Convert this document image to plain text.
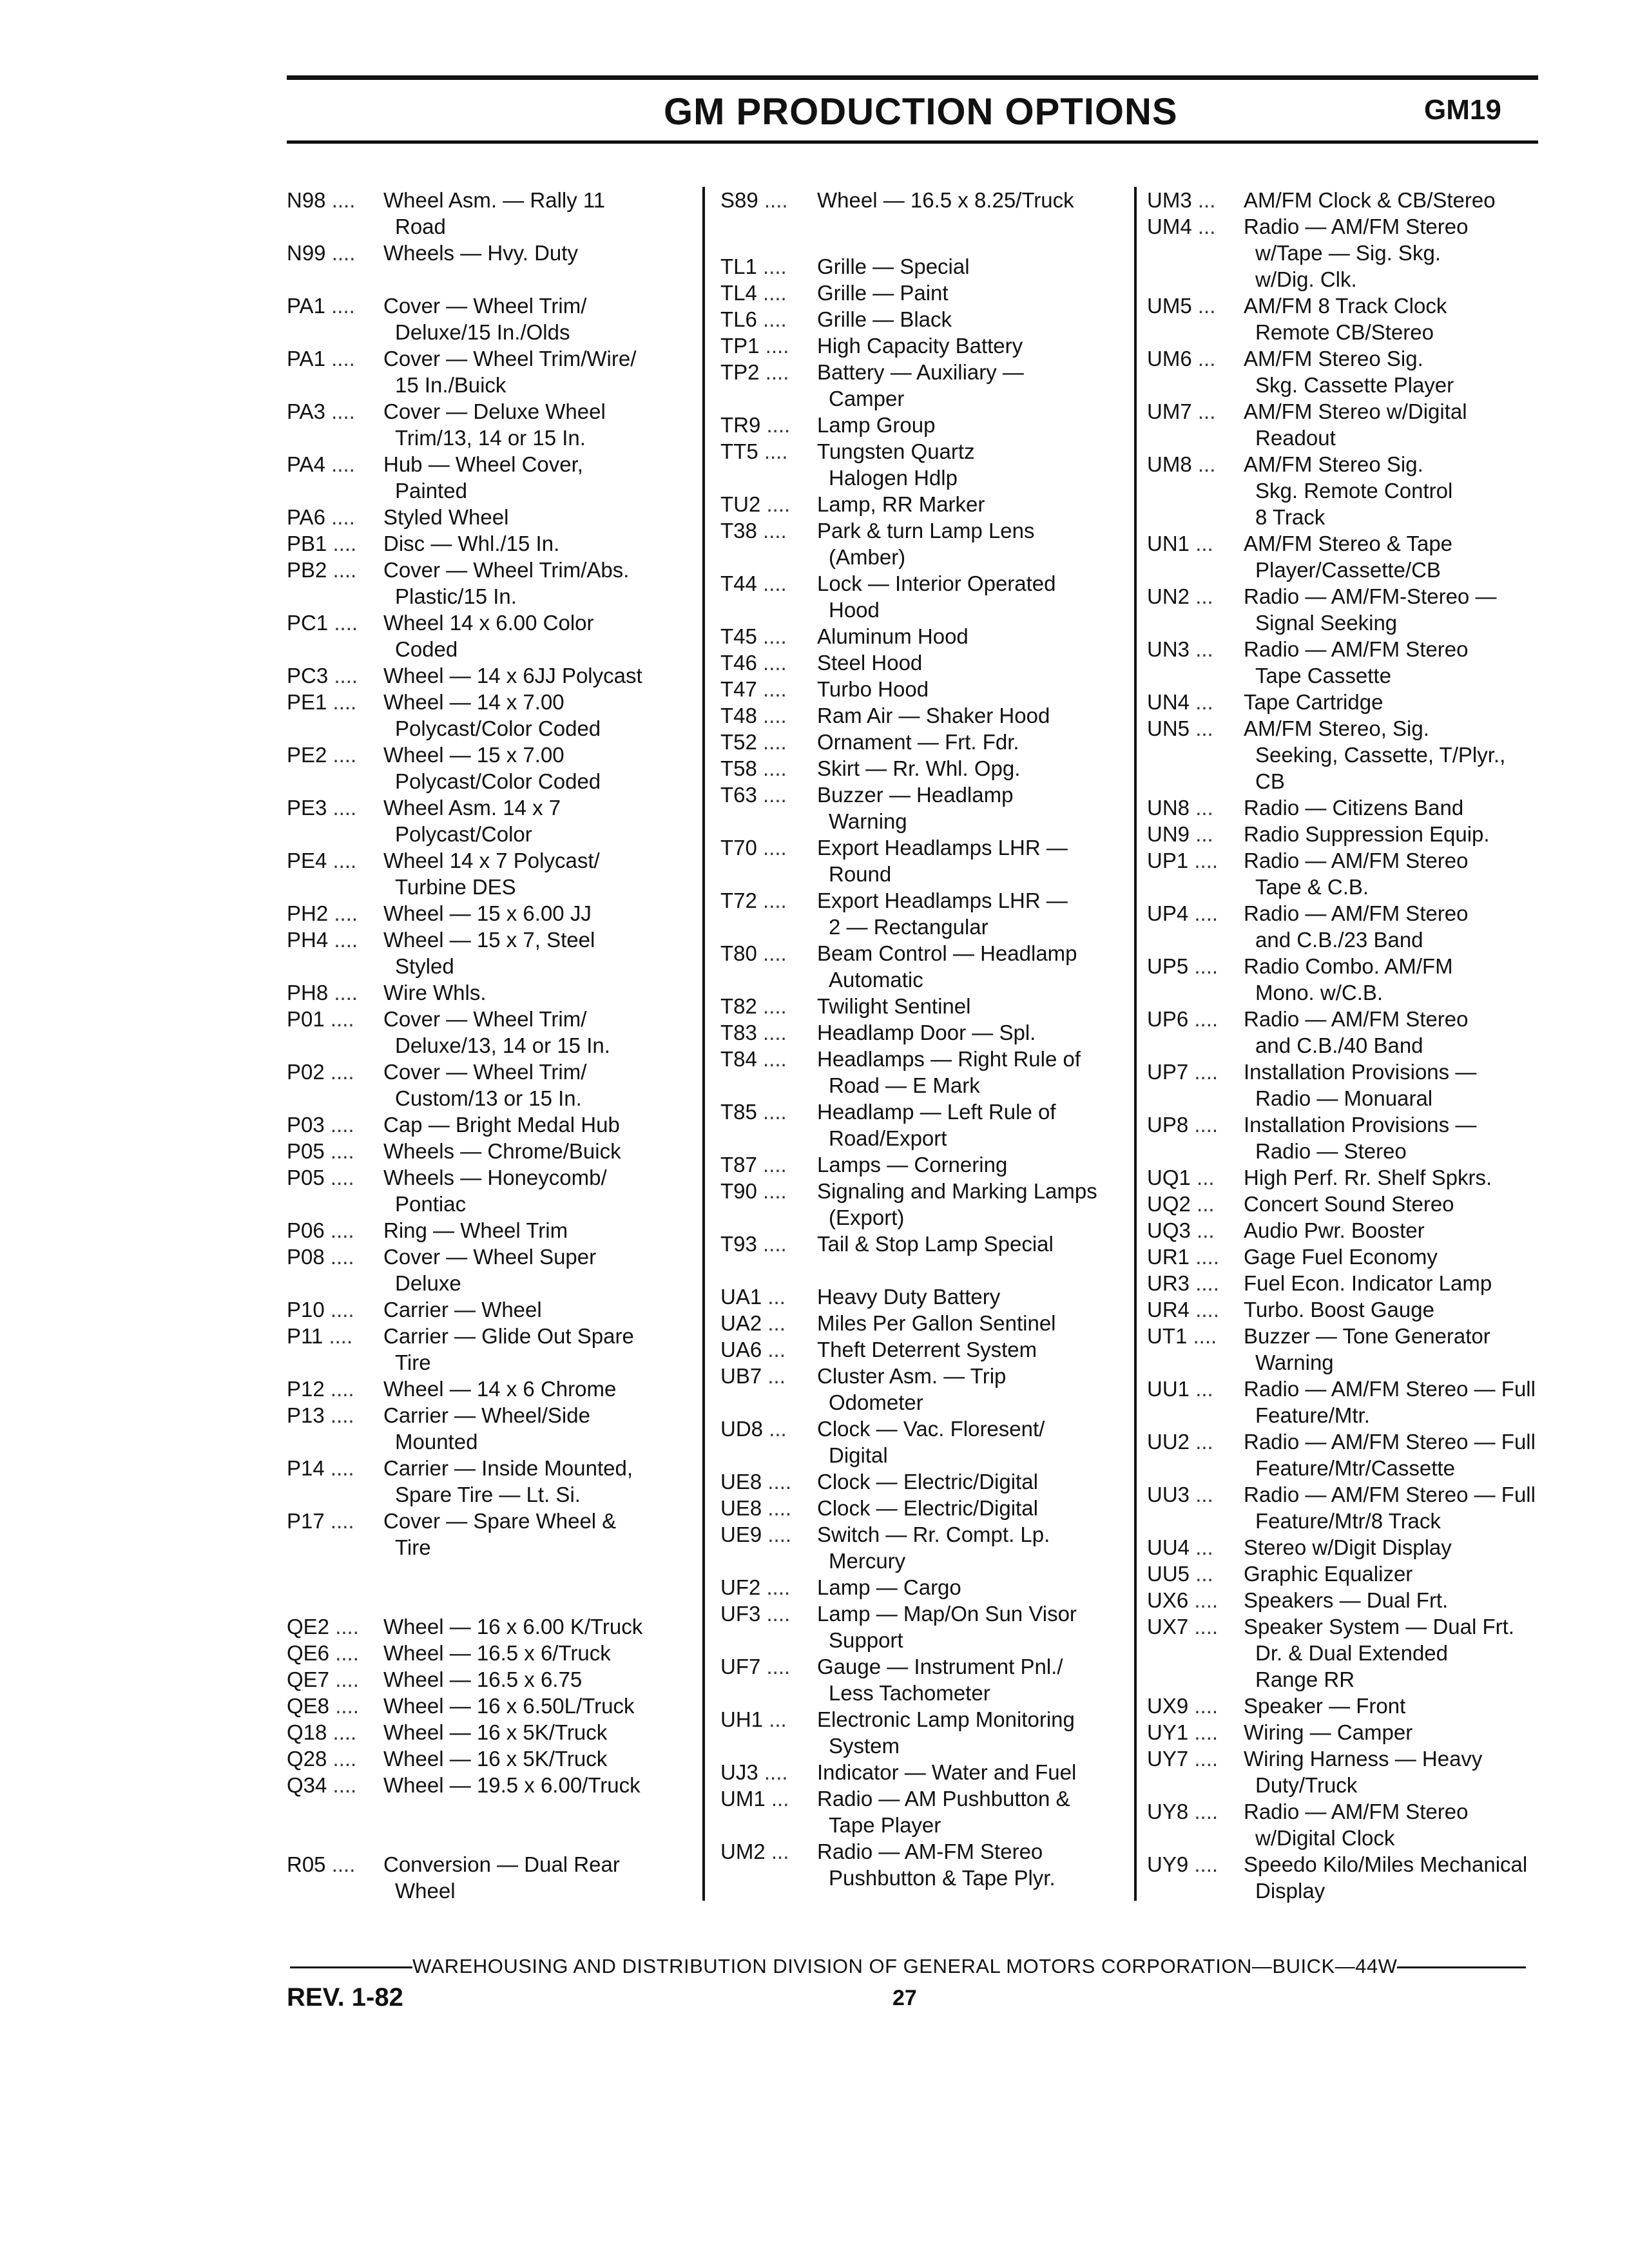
GM PRODUCTION OPTIONS	GM19
N98 ....	Wheel Asm. — Rally 11
Road
N99 ....	Wheels — Hvy. Duty
PA1 ....	Cover — Wheel Trim/
Deluxe/15 In./Olds
PA1 ....	Cover — Wheel Trim/Wire/
15 In./Buick
PA3 ....	Cover — Deluxe Wheel
Trim/13, 14 or 15 In.
PA4 ....	Hub — Wheel Cover,
Painted
PA6 ....	Styled Wheel
PB1 ....	Disc — Whl./15 In.
PB2 ....	Cover — Wheel Trim/Abs.
Plastic/15 In.
PC1 ....	Wheel 14 x 6.00 Color
Coded
PC3 ....	Wheel — 14 x 6JJ Polycast
PE1 ....	Wheel — 14 x 7.00
Polycast/Color Coded
PE2 ....	Wheel — 15 x 7.00
Polycast/Color Coded
PE3 ....	Wheel Asm. 14 x 7
Polycast/Color
PE4 ....	Wheel 14 x 7 Polycast/
Turbine DES
PH2 ....	Wheel — 15 x 6.00 JJ
PH4 ....	Wheel — 15 x 7, Steel
Styled
PH8 ....	Wire Whls.
P01 ....	Cover — Wheel Trim/
Deluxe/13, 14 or 15 In.
P02 ....	Cover — Wheel Trim/
Custom/13 or 15 In.
P03 ....	Cap — Bright Medal Hub
P05 ....	Wheels — Chrome/Buick
P05 ....	Wheels — Honeycomb/
Pontiac
P06 ....	Ring — Wheel Trim
P08 ....	Cover — Wheel Super
Deluxe
P10 ....	Carrier — Wheel
P11 ....	Carrier — Glide Out Spare
Tire
P12 ....	Wheel — 14 x 6 Chrome
P13 ....	Carrier — Wheel/Side
Mounted
P14 ....	Carrier — Inside Mounted,
Spare Tire — Lt. Si.
P17 ....	Cover — Spare Wheel &
Tire
QE2 ....	Wheel — 16 x 6.00 K/Truck
QE6 ....	Wheel — 16.5 x 6/Truck
QE7 ....	Wheel — 16.5 x 6.75
QE8 ....	Wheel — 16 x 6.50L/Truck
Q18 ....	Wheel — 16 x 5K/Truck
Q28 ....	Wheel — 16 x 5K/Truck
Q34 ....	Wheel — 19.5 x 6.00/Truck
R05 ....	Conversion — Dual Rear
Wheel
S89 ....	Wheel — 16.5 x 8.25/Truck
TL1 ....	Grille — Special
TL4 ....	Grille — Paint
TL6 ....	Grille — Black
TP1 ....	High Capacity Battery
TP2 ....	Battery — Auxiliary —
Camper
TR9 ....	Lamp Group
TT5 ....	Tungsten Quartz
Halogen Hdlp
TU2 ....	Lamp, RR Marker
T38 ....	Park & turn Lamp Lens
(Amber)
T44 ....	Lock — Interior Operated
Hood
T45 ....	Aluminum Hood
T46 ....	Steel Hood
T47 ....	Turbo Hood
T48 ....	Ram Air — Shaker Hood
T52 ....	Ornament — Frt. Fdr.
T58 ....	Skirt — Rr. Whl. Opg.
T63 ....	Buzzer — Headlamp
Warning
T70 ....	Export Headlamps LHR —
Round
T72 ....	Export Headlamps LHR —
2 — Rectangular
T80 ....	Beam Control — Headlamp
Automatic
T82 ....	Twilight Sentinel
T83 ....	Headlamp Door — Spl.
T84 ....	Headlamps — Right Rule of
Road — E Mark
T85 ....	Headlamp — Left Rule of
Road/Export
T87 ....	Lamps — Cornering
T90 ....	Signaling and Marking Lamps
(Export)
T93 ....	Tail & Stop Lamp Special
UA1 ...	Heavy Duty Battery
UA2 ...	Miles Per Gallon Sentinel
UA6 ...	Theft Deterrent System
UB7 ...	Cluster Asm. — Trip
Odometer
UD8 ...	Clock — Vac. Floresent/
Digital
UE8 ....	Clock — Electric/Digital
UE8 ....	Clock — Electric/Digital
UE9 ....	Switch — Rr. Compt. Lp.
Mercury
UF2 ....	Lamp — Cargo
UF3 ....	Lamp — Map/On Sun Visor
Support
UF7 ....	Gauge — Instrument Pnl./
Less Tachometer
UH1 ...	Electronic Lamp Monitoring
System
UJ3 ....	Indicator — Water and Fuel
UM1 ...	Radio — AM Pushbutton &
Tape Player
UM2 ...	Radio — AM-FM Stereo
Pushbutton & Tape Plyr.
UM3 ...	AM/FM Clock & CB/Stereo
UM4 ...	Radio — AM/FM Stereo
w/Tape — Sig. Skg.
w/Dig. Clk.
UM5 ...	AM/FM 8 Track Clock
Remote CB/Stereo
UM6 ...	AM/FM Stereo Sig.
Skg. Cassette Player
UM7 ...	AM/FM Stereo w/Digital
Readout
UM8 ...	AM/FM Stereo Sig.
Skg. Remote Control
8 Track
UN1 ...	AM/FM Stereo & Tape
Player/Cassette/CB
UN2 ...	Radio — AM/FM-Stereo —
Signal Seeking
UN3 ...	Radio — AM/FM Stereo
Tape Cassette
UN4 ...	Tape Cartridge
UN5 ...	AM/FM Stereo, Sig.
Seeking, Cassette, T/Plyr.,
CB
UN8 ...	Radio — Citizens Band
UN9 ...	Radio Suppression Equip.
UP1 ....	Radio — AM/FM Stereo
Tape & C.B.
UP4 ....	Radio — AM/FM Stereo
and C.B./23 Band
UP5 ....	Radio Combo. AM/FM
Mono. w/C.B.
UP6 ....	Radio — AM/FM Stereo
and C.B./40 Band
UP7 ....	Installation Provisions —
Radio — Monuaral
UP8 ....	Installation Provisions —
Radio — Stereo
UQ1 ...	High Perf. Rr. Shelf Spkrs.
UQ2 ...	Concert Sound Stereo
UQ3 ...	Audio Pwr. Booster
UR1 ....	Gage Fuel Economy
UR3 ....	Fuel Econ. Indicator Lamp
UR4 ....	Turbo. Boost Gauge
UT1 ....	Buzzer — Tone Generator
Warning
UU1 ...	Radio — AM/FM Stereo — Full
Feature/Mtr.
UU2 ...	Radio — AM/FM Stereo — Full
Feature/Mtr/Cassette
UU3 ...	Radio — AM/FM Stereo — Full
Feature/Mtr/8 Track
UU4 ...	Stereo w/Digit Display
UU5 ...	Graphic Equalizer
UX6 ....	Speakers — Dual Frt.
UX7 ....	Speaker System — Dual Frt.
Dr. & Dual Extended
Range RR
UX9 ....	Speaker — Front
UY1 ....	Wiring — Camper
UY7 ....	Wiring Harness — Heavy
Duty/Truck
UY8 ....	Radio — AM/FM Stereo
w/Digital Clock
UY9 ....	Speedo Kilo/Miles Mechanical
Display
WAREHOUSING AND DISTRIBUTION DIVISION OF GENERAL MOTORS CORPORATION—BUICK—44W
REV. 1-82	27
